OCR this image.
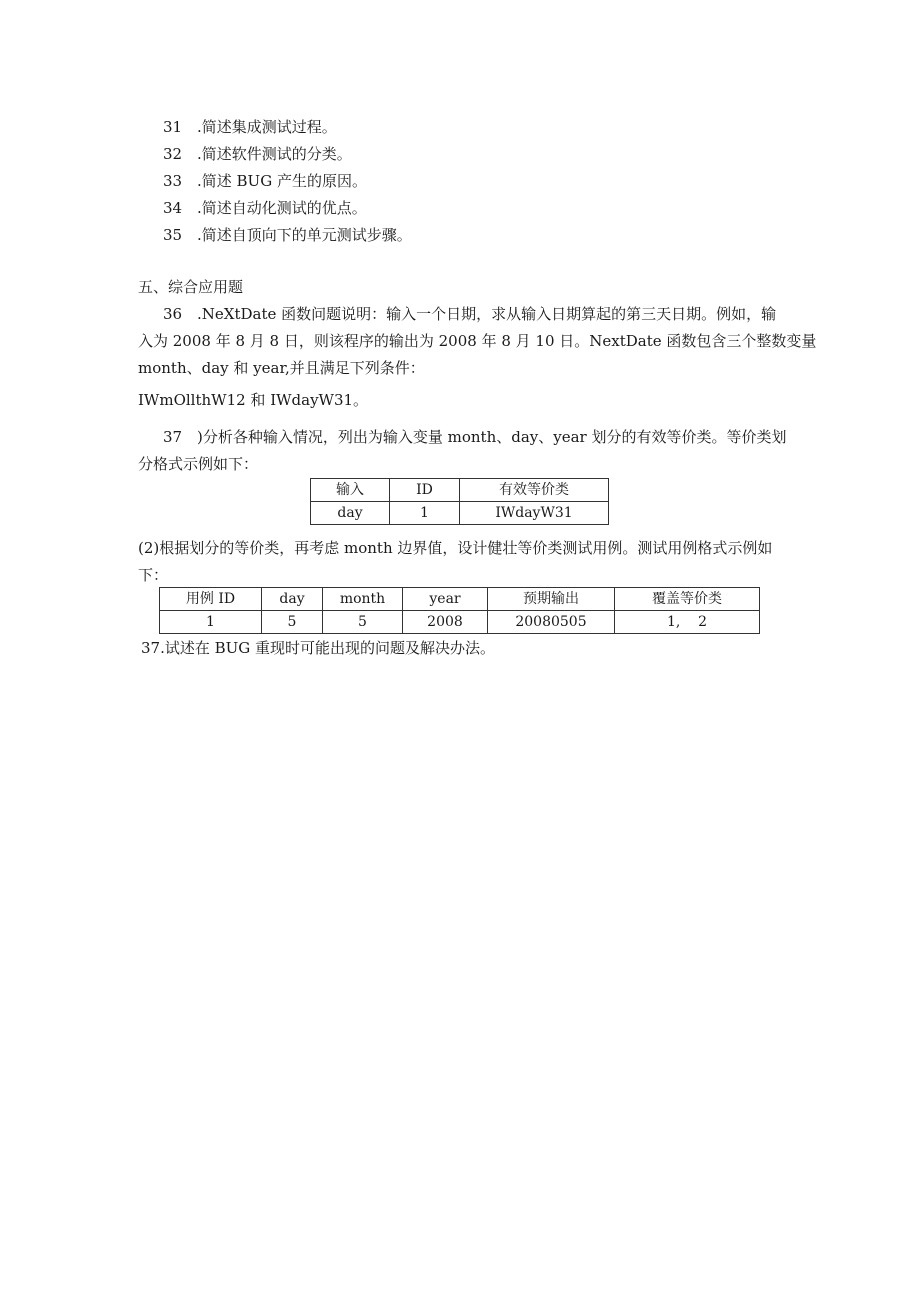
31 .简述集成测试过程。
32 .简述软件测试的分类。
33 .简述 BUG 产生的原因。
34 .简述自动化测试的优点。
35 .简述自顶向下的单元测试步骤。
五、综合应用题
36 .NeXtDate 函数问题说明：输入一个日期，求从输入日期算起的第三天日期。例如，输
入为 2008 年 8 月 8 日，则该程序的输出为 2008 年 8 月 10 日。NextDate 函数包含三个整数变量
month、day 和 year,并且满足下列条件：
IWmOllthW12 和 IWdayW31。
37 )分析各种输入情况，列出为输入变量 month、day、year 划分的有效等价类。等价类划
分格式示例如下：
输入	ID	有效等价类
day	1	IWdayW31
(2)根据划分的等价类，再考虑 month 边界值，设计健壮等价类测试用例。测试用例格式示例如
下：
用例 ID	day	month	year	预期输出	覆盖等价类
1	5	5	2008	20080505	1,    2
37.试述在 BUG 重现时可能出现的问题及解决办法。
